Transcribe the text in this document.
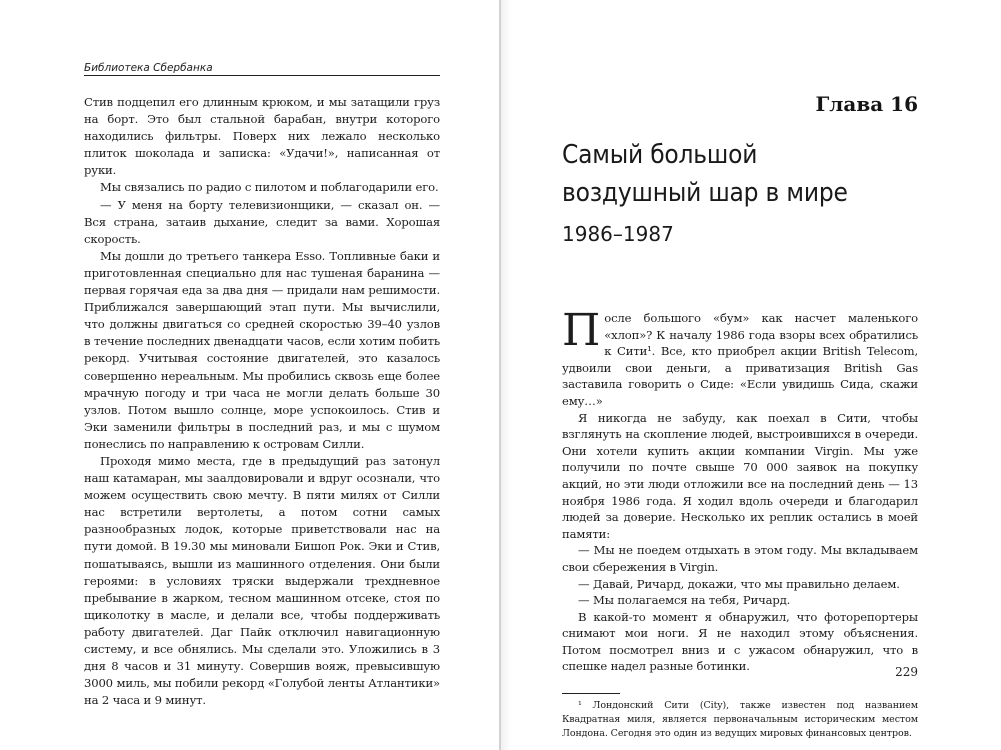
Библиотека Сбербанка

Стив подцепил его длинным крюком, и мы затащили груз на борт. Это был стальной барабан, внутри которого находились фильтры. Поверх них лежало несколько плиток шоколада и записка: «Удачи!», написанная от руки.

Мы связались по радио с пилотом и поблагодарили его.

— У меня на борту телевизионщики, — сказал он. — Вся страна, затаив дыхание, следит за вами. Хорошая скорость.

Мы дошли до третьего танкера Esso. Топливные баки и приготовленная специально для нас тушеная баранина — первая горячая еда за два дня — придали нам решимости. Приближался завершающий этап пути. Мы вычислили, что должны двигаться со средней скоростью 39–40 узлов в течение последних двенадцати часов, если хотим побить рекорд. Учитывая состояние двигателей, это казалось совершенно нереальным. Мы пробились сквозь еще более мрачную погоду и три часа не могли делать больше 30 узлов. Потом вышло солнце, море успокоилось. Стив и Эки заменили фильтры в последний раз, и мы с шумом понеслись по направлению к островам Силли.

Проходя мимо места, где в предыдущий раз затонул наш катамаран, мы заалдовировали и вдруг осознали, что можем осуществить свою мечту. В пяти милях от Силли нас встретили вертолеты, а потом сотни самых разнообразных лодок, которые приветствовали нас на пути домой. В 19.30 мы миновали Бишоп Рок. Эки и Стив, пошатываясь, вышли из машинного отделения. Они были героями: в условиях тряски выдержали трехдневное пребывание в жарком, тесном машинном отсеке, стоя по щиколотку в масле, и делали все, чтобы поддерживать работу двигателей. Даг Пайк отключил навигационную систему, и все обнялись. Мы сделали это. Уложились в 3 дня 8 часов и 31 минуту. Совершив вояж, превысившую 3000 миль, мы побили рекорд «Голубой ленты Атлантики» на 2 часа и 9 минут.

Глава 16
Самый большой
воздушный шар в мире
1986–1987

После большого «бум» как насчет маленького «хлоп»? К началу 1986 года взоры всех обратились к Сити¹. Все, кто приобрел акции British Telecom, удвоили свои деньги, а приватизация British Gas заставила говорить о Сиде: «Если увидишь Сида, скажи ему…»

Я никогда не забуду, как поехал в Сити, чтобы взглянуть на скопление людей, выстроившихся в очереди. Они хотели купить акции компании Virgin. Мы уже получили по почте свыше 70 000 заявок на покупку акций, но эти люди отложили все на последний день — 13 ноября 1986 года. Я ходил вдоль очереди и благодарил людей за доверие. Несколько их реплик остались в моей памяти:

— Мы не поедем отдыхать в этом году. Мы вкладываем свои сбережения в Virgin.

— Давай, Ричард, докажи, что мы правильно делаем.

— Мы полагаемся на тебя, Ричард.

В какой-то момент я обнаружил, что фоторепортеры снимают мои ноги. Я не находил этому объяснения. Потом посмотрел вниз и с ужасом обнаружил, что в спешке надел разные ботинки.

¹ Лондонский Сити (City), также известен под названием Квадратная миля, является первоначальным историческим местом Лондона. Сегодня это один из ведущих мировых финансовых центров.

229
